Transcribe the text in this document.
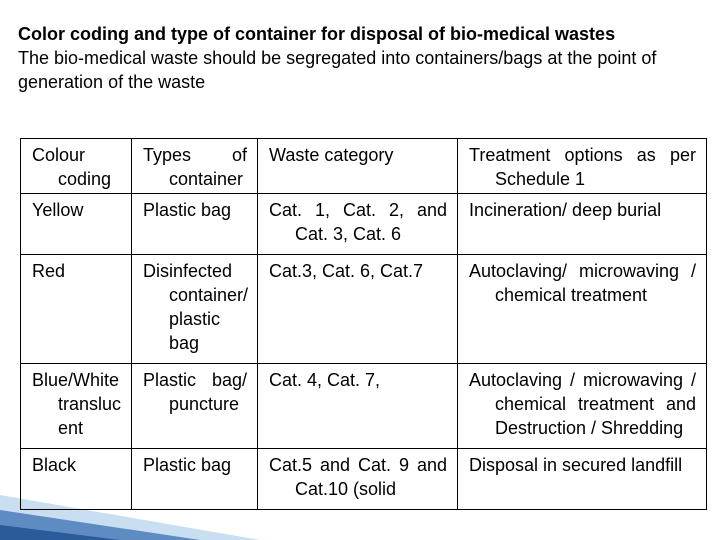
Color coding and type of container for disposal of bio-medical wastes
The bio-medical waste should be segregated into containers/bags at the point of generation of the waste
Colour coding	Types of container	Waste category	Treatment options as per Schedule 1

Yellow	Plastic bag	Cat. 1, Cat. 2, and Cat. 3, Cat. 6	Incineration/ deep burial

Red	Disinfected container/ plastic bag	Cat.3, Cat. 6, Cat.7	Autoclaving/ microwaving / chemical treatment

Blue/White transluc ent	Plastic bag/ puncture	Cat. 4, Cat. 7,	Autoclaving / microwaving / chemical treatment and Destruction / Shredding

Black	Plastic bag	Cat.5 and Cat. 9 and Cat.10 (solid	Disposal in secured landfill
